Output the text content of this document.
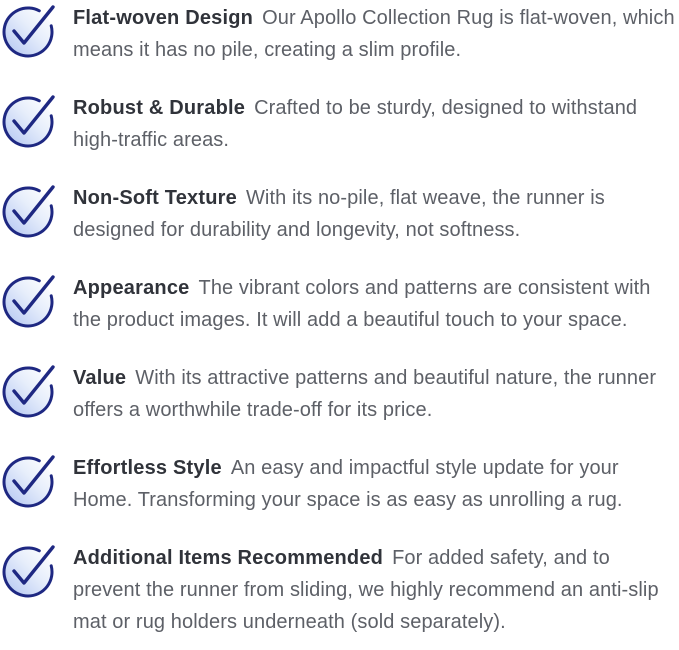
Flat-woven Design Our Apollo Collection Rug is flat-woven, which means it has no pile, creating a slim profile.

Robust & Durable Crafted to be sturdy, designed to withstand high-traffic areas.

Non-Soft Texture With its no-pile, flat weave, the runner is designed for durability and longevity, not softness.

Appearance The vibrant colors and patterns are consistent with the product images. It will add a beautiful touch to your space.

Value With its attractive patterns and beautiful nature, the runner offers a worthwhile trade-off for its price.

Effortless Style An easy and impactful style update for your Home. Transforming your space is as easy as unrolling a rug.

Additional Items Recommended For added safety, and to prevent the runner from sliding, we highly recommend an anti-slip mat or rug holders underneath (sold separately).
